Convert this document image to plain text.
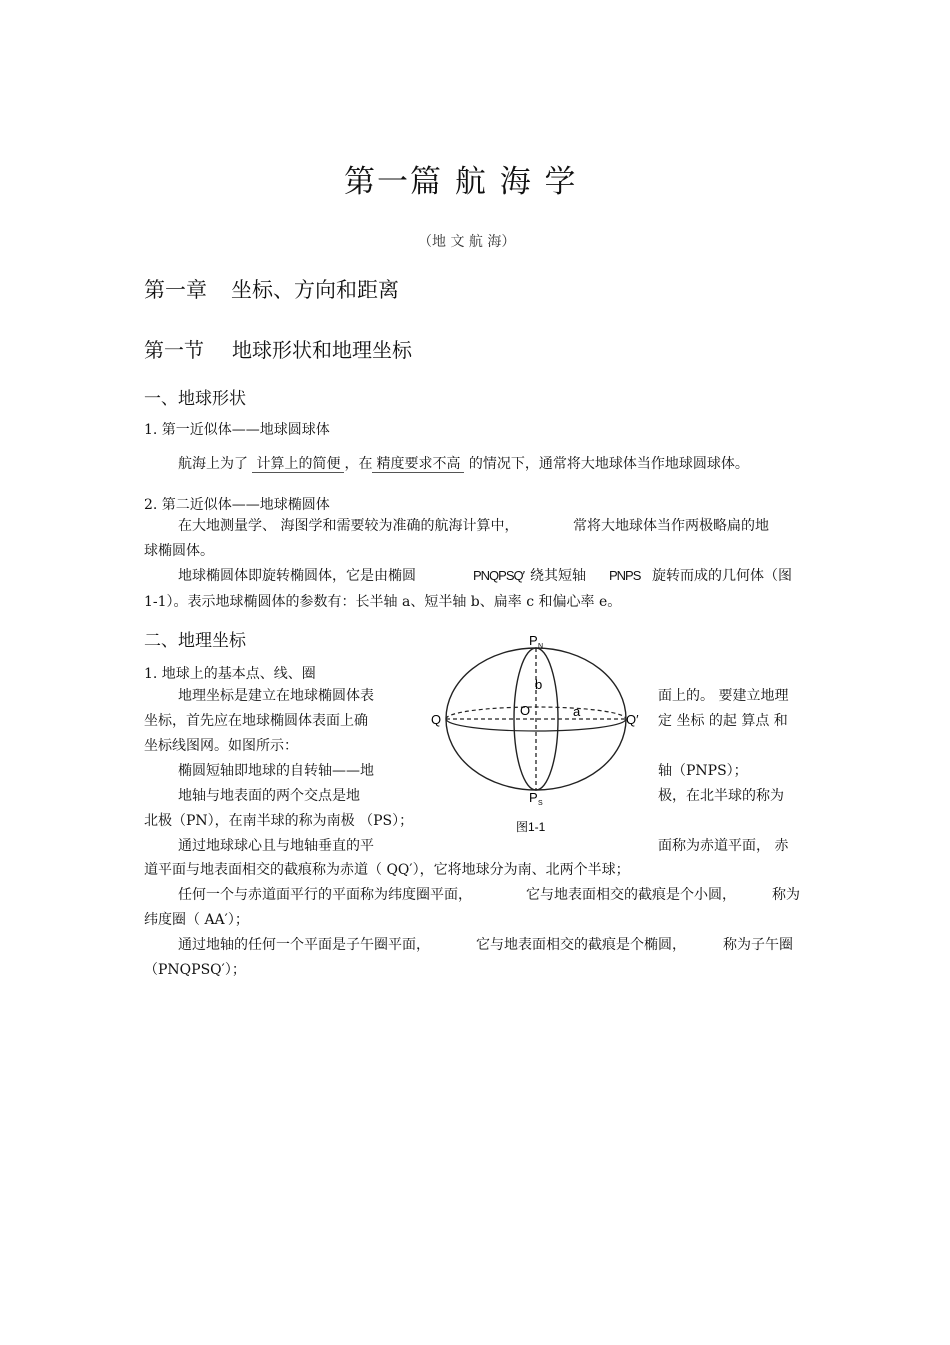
第一篇 航 海 学
（地 文 航 海）
第一章 坐标、方向和距离
第一节 地球形状和地理坐标
一、地球形状
1. 第一近似体——地球圆球体
航海上为了 计算上的简便 ，在 精度要求不高 的情况下，通常将大地球体当作地球圆球体。
2. 第二近似体——地球椭圆体
在大地测量学、 海图学和需要较为准确的航海计算中，	常将大地球体当作两极略扁的地
球椭圆体。
地球椭圆体即旋转椭圆体，它是由椭圆	PNQPSQ′ 绕其短轴 PNPS 旋转而成的几何体（图
1-1）。表示地球椭圆体的参数有：长半轴 a、短半轴 b、扁率 c 和偏心率 e。
二、地理坐标
1. 地球上的基本点、线、圈
地理坐标是建立在地球椭圆体表	面上的。 要建立地理
坐标，首先应在地球椭圆体表面上确	定 坐标 的起 算点 和
坐标线图网。如图所示：
椭圆短轴即地球的自转轴——地	轴（PNPS）；
地轴与地表面的两个交点是地	极，在北半球的称为
北极（PN），在南半球的称为南极 （PS）；
通过地球球心且与地轴垂直的平	面称为赤道平面， 赤
道平面与地表面相交的截痕称为赤道（ QQ′），它将地球分为南、北两个半球；
任何一个与赤道面平行的平面称为纬度圈平面，	它与地表面相交的截痕是个小圆，	称为
纬度圈（ AA′）；
通过地轴的任何一个平面是子午圈平面，	它与地表面相交的截痕是个椭圆，	称为子午圈
（PNQPSQ′）；
P N
b
O	a
Q	Q′
P S
图1-1
